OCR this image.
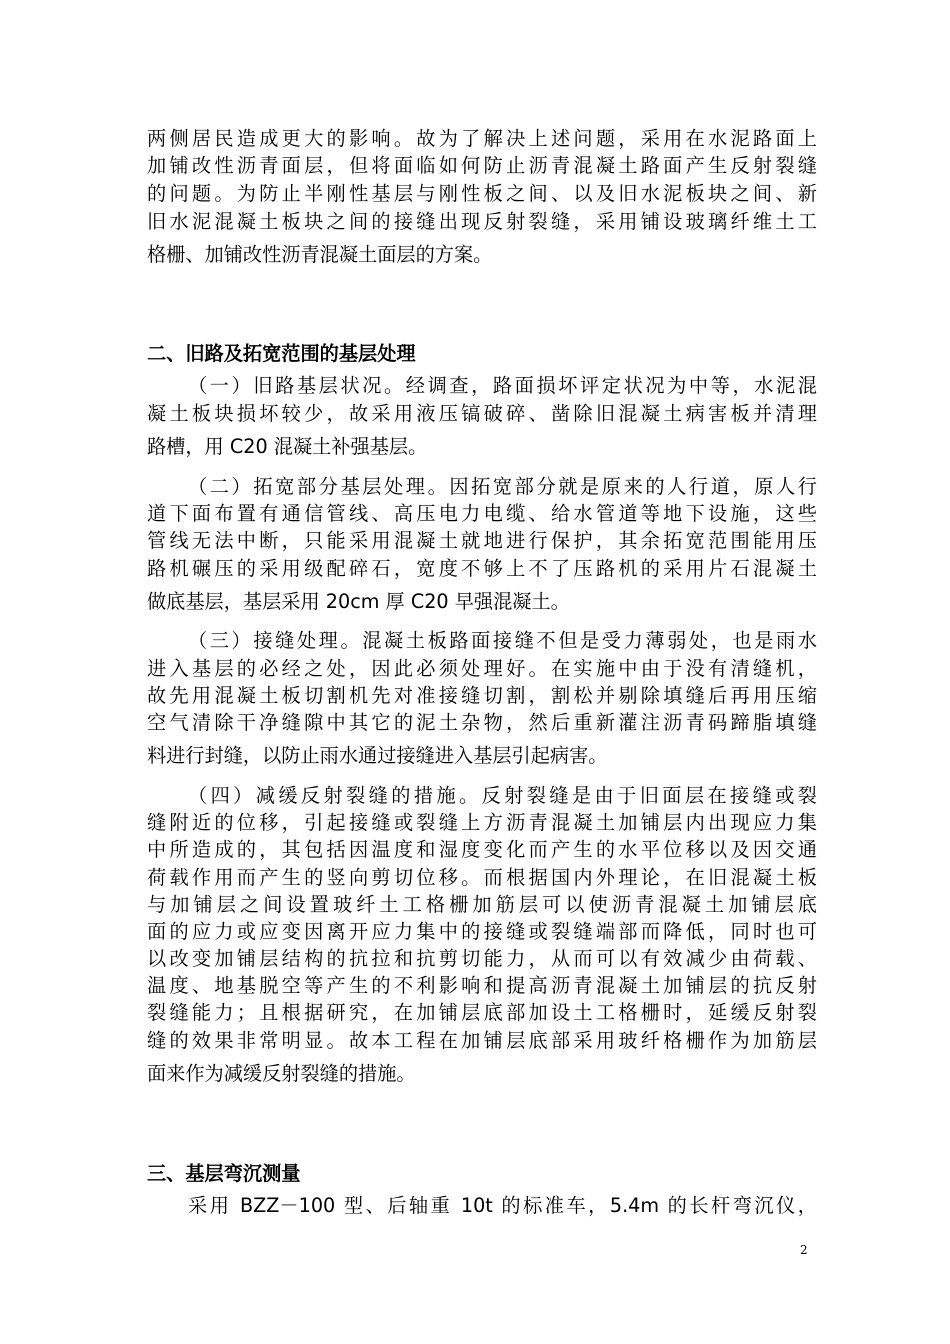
两侧居民造成更大的影响。故为了解决上述问题，采用在水泥路面上
加铺改性沥青面层，但将面临如何防止沥青混凝土路面产生反射裂缝
的问题。为防止半刚性基层与刚性板之间、以及旧水泥板块之间、新
旧水泥混凝土板块之间的接缝出现反射裂缝，采用铺设玻璃纤维土工
格栅、加铺改性沥青混凝土面层的方案。
二、旧路及拓宽范围的基层处理
（一）旧路基层状况。经调查，路面损坏评定状况为中等，水泥混
凝土板块损坏较少，故采用液压镐破碎、凿除旧混凝土病害板并清理
路槽，用 C20 混凝土补强基层。
（二）拓宽部分基层处理。因拓宽部分就是原来的人行道，原人行
道下面布置有通信管线、高压电力电缆、给水管道等地下设施，这些
管线无法中断，只能采用混凝土就地进行保护，其余拓宽范围能用压
路机碾压的采用级配碎石，宽度不够上不了压路机的采用片石混凝土
做底基层，基层采用 20cm 厚 C20 早强混凝土。
（三）接缝处理。混凝土板路面接缝不但是受力薄弱处，也是雨水
进入基层的必经之处，因此必须处理好。在实施中由于没有清缝机，
故先用混凝土板切割机先对准接缝切割，割松并剔除填缝后再用压缩
空气清除干净缝隙中其它的泥土杂物，然后重新灌注沥青码蹄脂填缝
料进行封缝，以防止雨水通过接缝进入基层引起病害。
（四）减缓反射裂缝的措施。反射裂缝是由于旧面层在接缝或裂
缝附近的位移，引起接缝或裂缝上方沥青混凝土加铺层内出现应力集
中所造成的，其包括因温度和湿度变化而产生的水平位移以及因交通
荷载作用而产生的竖向剪切位移。而根据国内外理论，在旧混凝土板
与加铺层之间设置玻纤土工格栅加筋层可以使沥青混凝土加铺层底
面的应力或应变因离开应力集中的接缝或裂缝端部而降低，同时也可
以改变加铺层结构的抗拉和抗剪切能力，从而可以有效减少由荷载、
温度、地基脱空等产生的不利影响和提高沥青混凝土加铺层的抗反射
裂缝能力；且根据研究，在加铺层底部加设土工格栅时，延缓反射裂
缝的效果非常明显。故本工程在加铺层底部采用玻纤格栅作为加筋层
面来作为减缓反射裂缝的措施。
三、基层弯沉测量
采用 BZZ－100 型、后轴重 10t 的标准车，5.4m 的长杆弯沉仪，
2
